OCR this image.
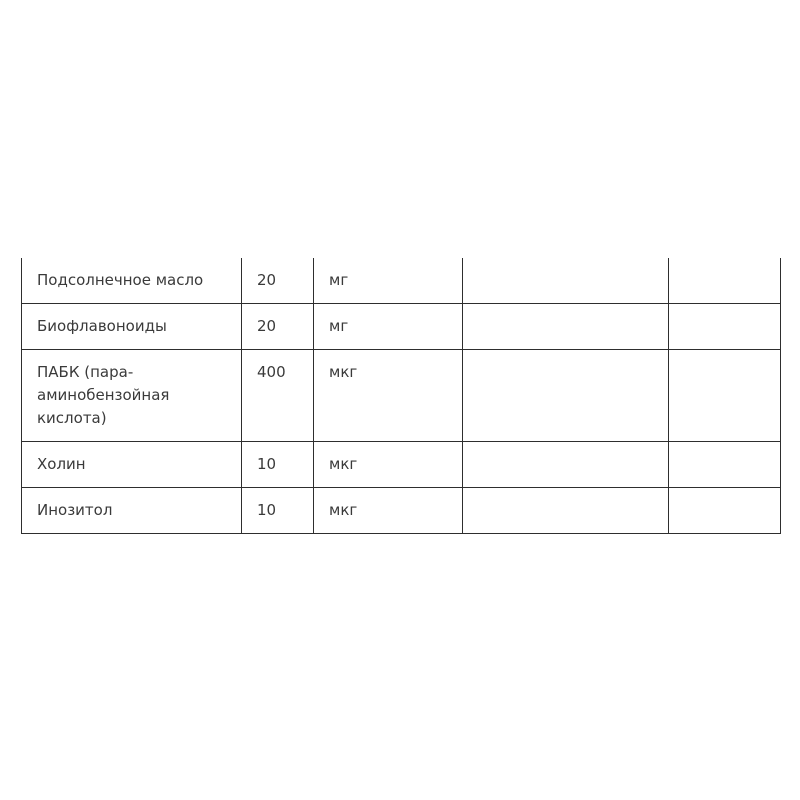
Подсолнечное масло	20	мг		
Биофлавоноиды	20	мг		
ПАБК (пара-аминобензойная кислота)	400	мкг		
Холин	10	мкг		
Инозитол	10	мкг		
